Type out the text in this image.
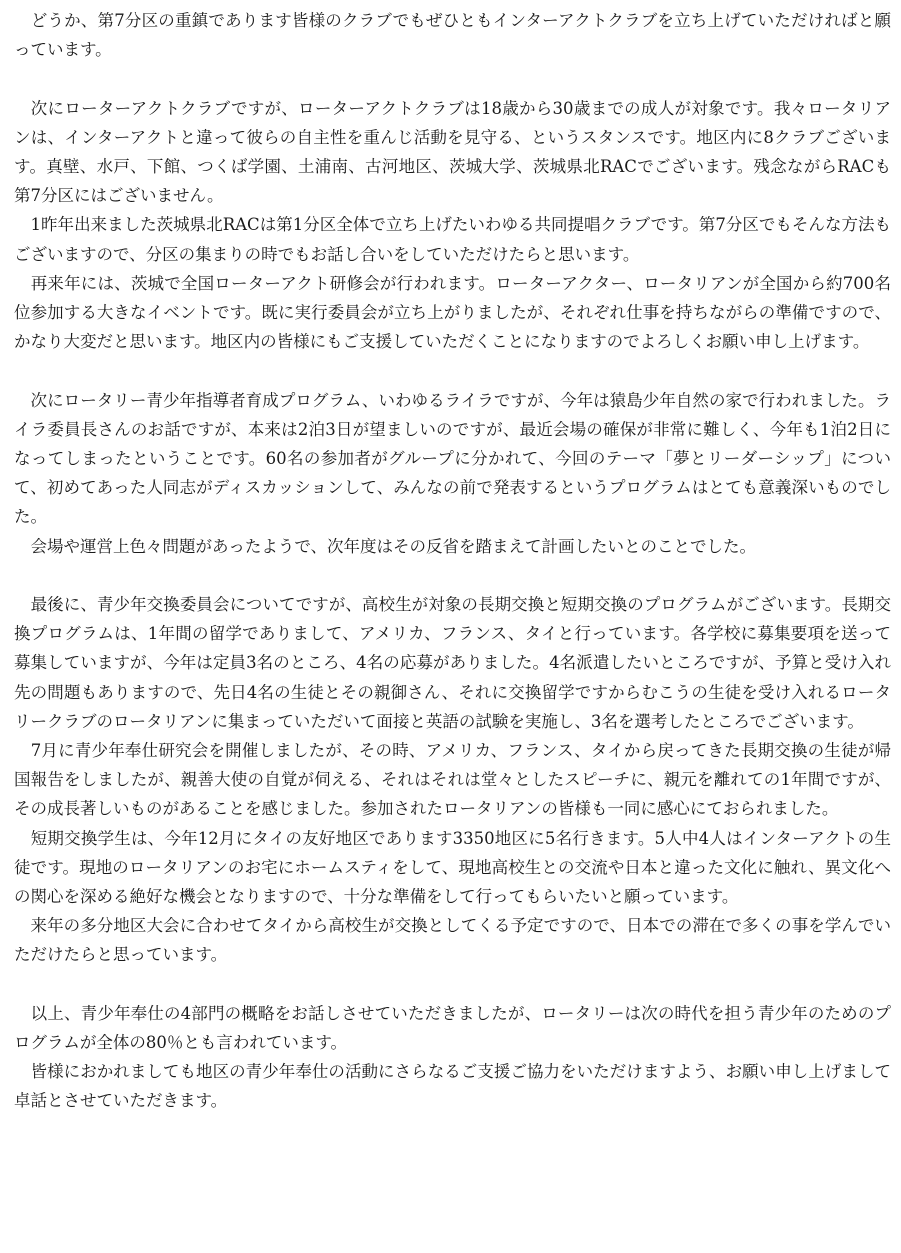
　どうか、第7分区の重鎮であります皆様のクラブでもぜひともインターアクトクラブを立ち上げていただければと願っています。

　次にローターアクトクラブですが、ローターアクトクラブは18歳から30歳までの成人が対象です。我々ロータリアンは、インターアクトと違って彼らの自主性を重んじ活動を見守る、というスタンスです。地区内に8クラブございます。真壁、水戸、下館、つくば学園、土浦南、古河地区、茨城大学、茨城県北RACでございます。残念ながらRACも第7分区にはございません。

　1昨年出来ました茨城県北RACは第1分区全体で立ち上げたいわゆる共同提唱クラブです。第7分区でもそんな方法もございますので、分区の集まりの時でもお話し合いをしていただけたらと思います。

　再来年には、茨城で全国ローターアクト研修会が行われます。ローターアクター、ロータリアンが全国から約700名位参加する大きなイベントです。既に実行委員会が立ち上がりましたが、それぞれ仕事を持ちながらの準備ですので、かなり大変だと思います。地区内の皆様にもご支援していただくことになりますのでよろしくお願い申し上げます。

　次にロータリー青少年指導者育成プログラム、いわゆるライラですが、今年は猿島少年自然の家で行われました。ライラ委員長さんのお話ですが、本来は2泊3日が望ましいのですが、最近会場の確保が非常に難しく、今年も1泊2日になってしまったということです。60名の参加者がグループに分かれて、今回のテーマ「夢とリーダーシップ」について、初めてあった人同志がディスカッションして、みんなの前で発表するというプログラムはとても意義深いものでした。

　会場や運営上色々問題があったようで、次年度はその反省を踏まえて計画したいとのことでした。

　最後に、青少年交換委員会についてですが、高校生が対象の長期交換と短期交換のプログラムがございます。長期交換プログラムは、1年間の留学でありまして、アメリカ、フランス、タイと行っています。各学校に募集要項を送って募集していますが、今年は定員3名のところ、4名の応募がありました。4名派遣したいところですが、予算と受け入れ先の問題もありますので、先日4名の生徒とその親御さん、それに交換留学ですからむこうの生徒を受け入れるロータリークラブのロータリアンに集まっていただいて面接と英語の試験を実施し、3名を選考したところでございます。

　7月に青少年奉仕研究会を開催しましたが、その時、アメリカ、フランス、タイから戻ってきた長期交換の生徒が帰国報告をしましたが、親善大使の自覚が伺える、それはそれは堂々としたスピーチに、親元を離れての1年間ですが、その成長著しいものがあることを感じました。参加されたロータリアンの皆様も一同に感心にておられました。

　短期交換学生は、今年12月にタイの友好地区であります3350地区に5名行きます。5人中4人はインターアクトの生徒です。現地のロータリアンのお宅にホームスティをして、現地高校生との交流や日本と違った文化に触れ、異文化への関心を深める絶好な機会となりますので、十分な準備をして行ってもらいたいと願っています。

　来年の多分地区大会に合わせてタイから高校生が交換としてくる予定ですので、日本での滞在で多くの事を学んでいただけたらと思っています。

　以上、青少年奉仕の4部門の概略をお話しさせていただきましたが、ロータリーは次の時代を担う青少年のためのプログラムが全体の80％とも言われています。

　皆様におかれましても地区の青少年奉仕の活動にさらなるご支援ご協力をいただけますよう、お願い申し上げまして卓話とさせていただきます。
